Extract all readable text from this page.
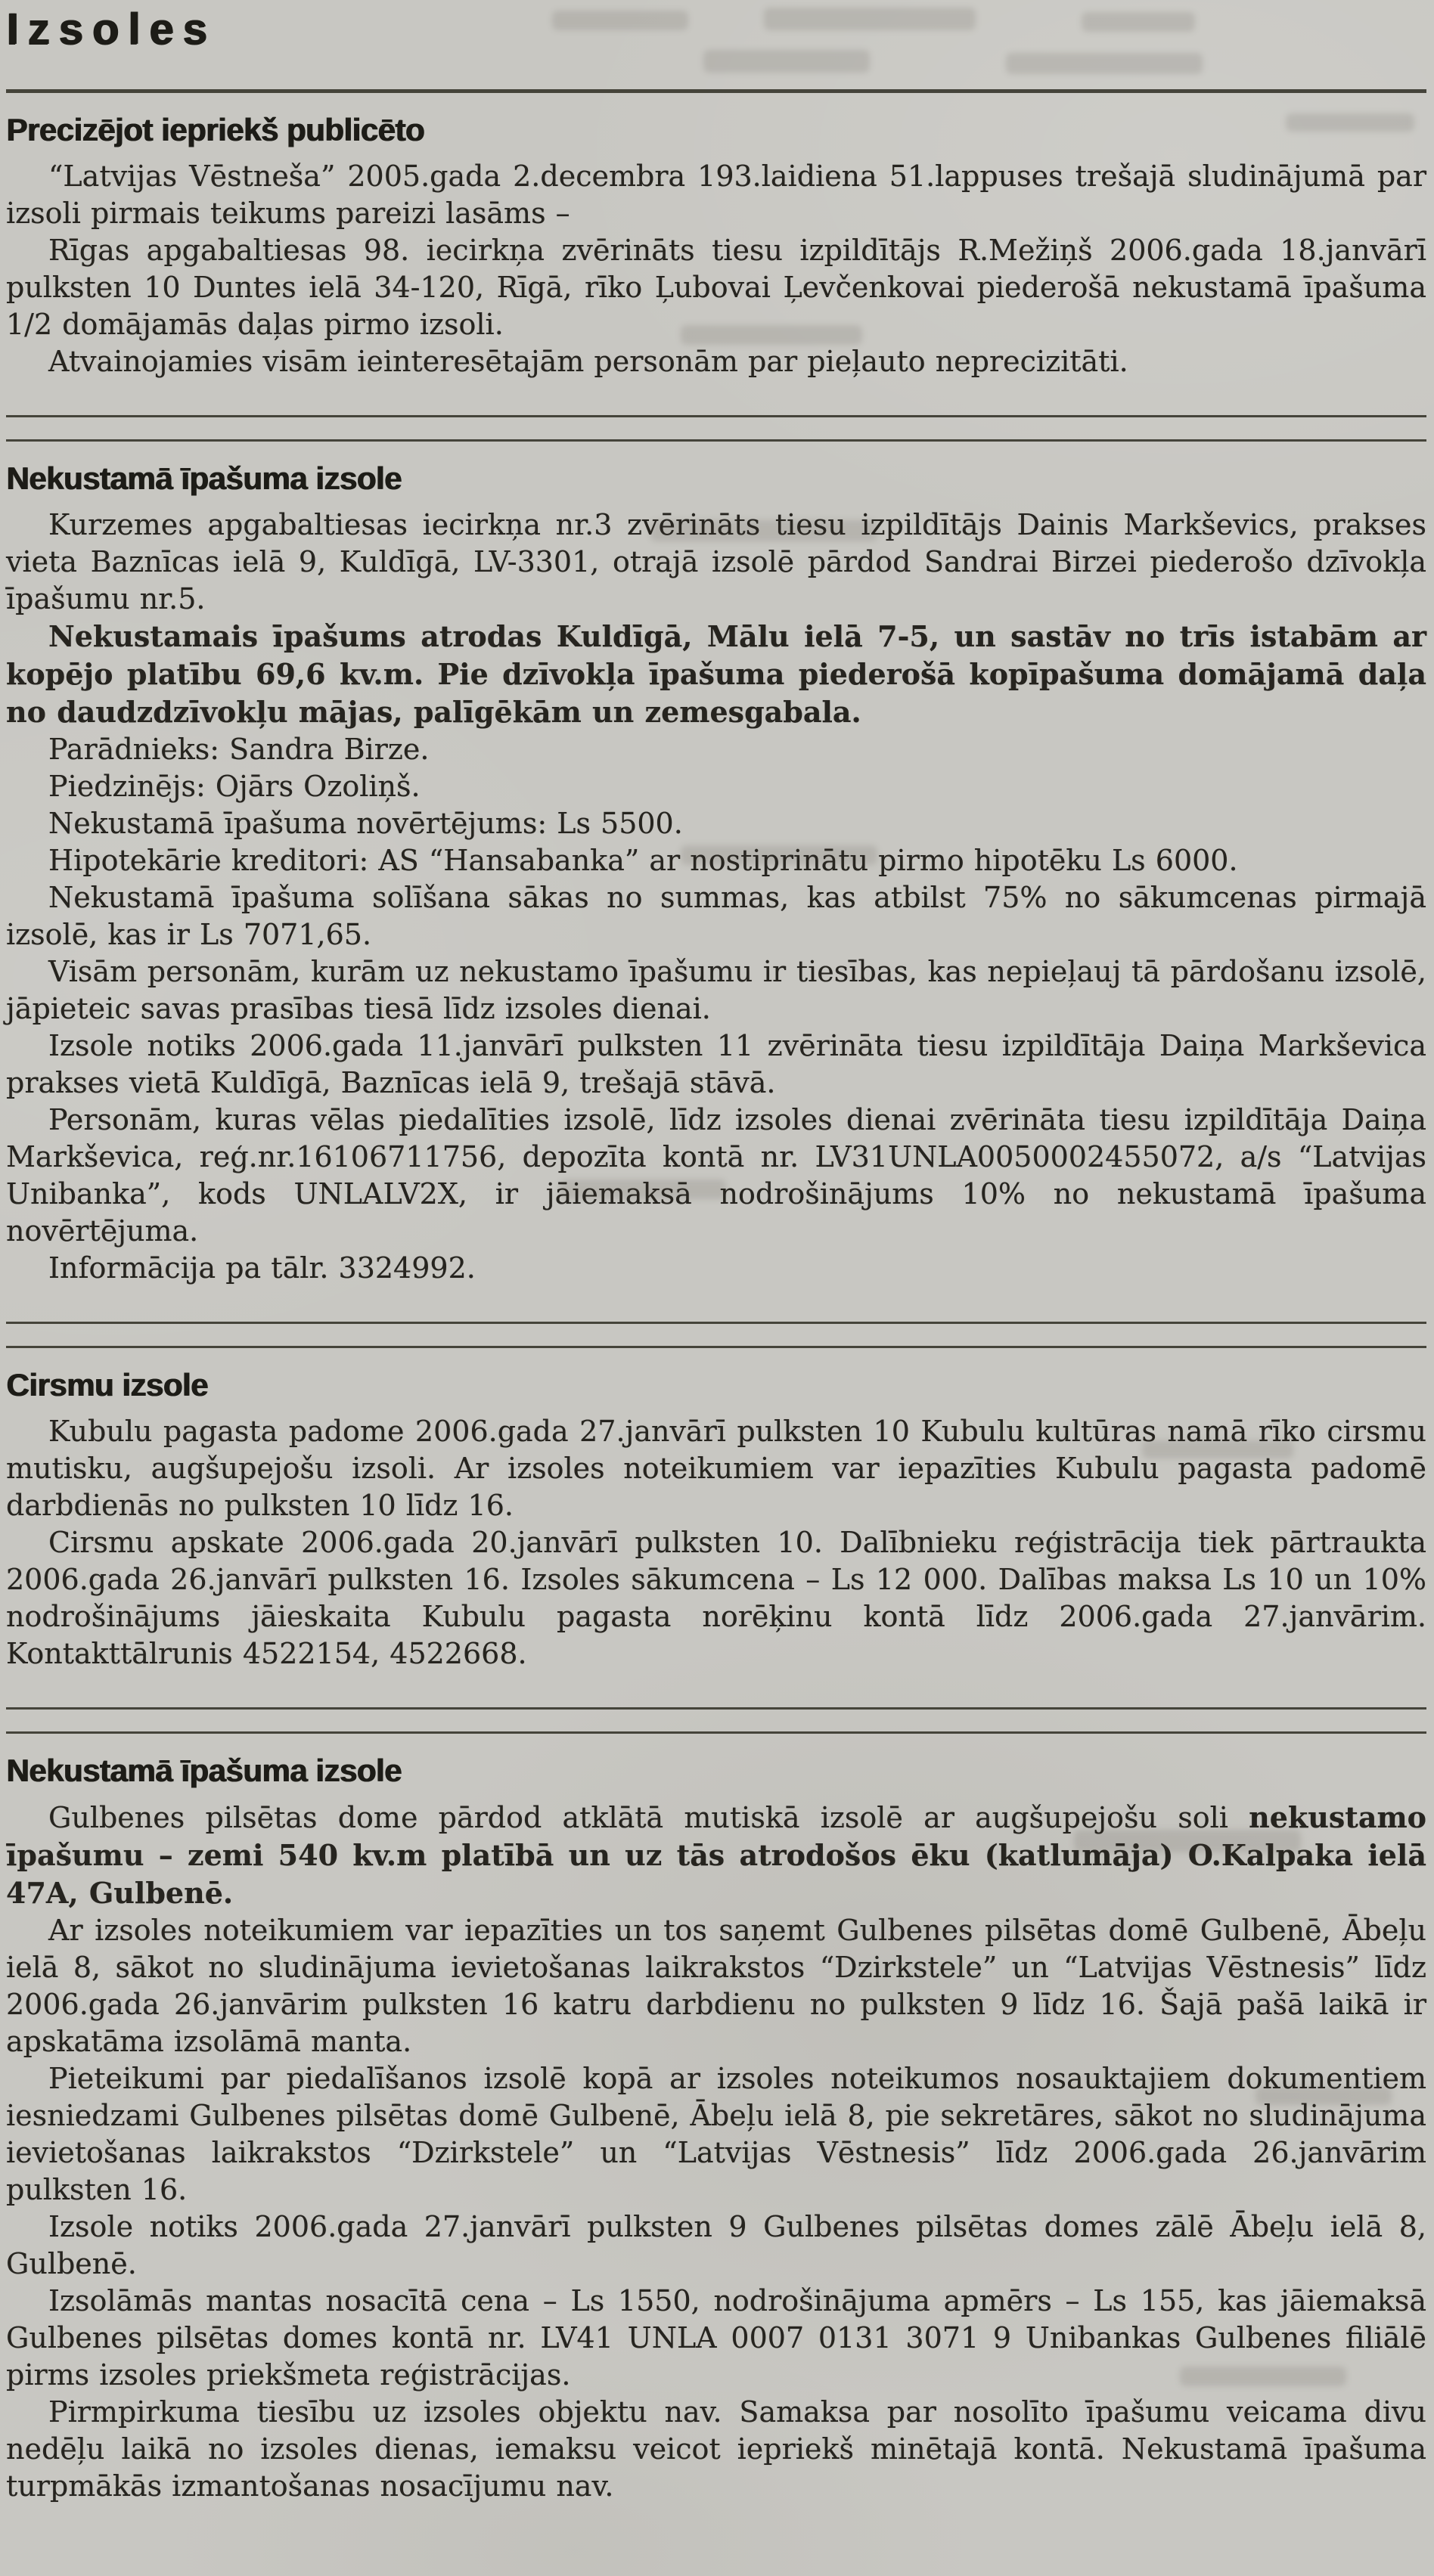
Izsoles
Precizējot iepriekš publicēto

“Latvijas Vēstneša” 2005.gada 2.decembra 193.laidiena 51.lappuses trešajā sludinājumā par izsoli pirmais teikums pareizi lasāms –

Rīgas apgabaltiesas 98. iecirkņa zvērināts tiesu izpildītājs R.Mežiņš 2006.gada 18.janvārī pulksten 10 Duntes ielā 34-120, Rīgā, rīko Ļubovai Ļevčenkovai piederošā nekustamā īpašuma 1/2 domājamās daļas pirmo izsoli.

Atvainojamies visām ieinteresētajām personām par pieļauto neprecizitāti.

Nekustamā īpašuma izsole

Kurzemes apgabaltiesas iecirkņa nr.3 zvērināts tiesu izpildītājs Dainis Markševics, prakses vieta Baznīcas ielā 9, Kuldīgā, LV-3301, otrajā izsolē pārdod Sandrai Birzei piederošo dzīvokļa īpašumu nr.5.

Nekustamais īpašums atrodas Kuldīgā, Mālu ielā 7-5, un sastāv no trīs istabām ar kopējo platību 69,6 kv.m. Pie dzīvokļa īpašuma piederošā kopīpašuma domājamā daļa no daudzdzīvokļu mājas, palīgēkām un zemesgabala.

Parādnieks: Sandra Birze.

Piedzinējs: Ojārs Ozoliņš.

Nekustamā īpašuma novērtējums: Ls 5500.

Hipotekārie kreditori: AS “Hansabanka” ar nostiprinātu pirmo hipotēku Ls 6000.

Nekustamā īpašuma solīšana sākas no summas, kas atbilst 75% no sākumcenas pirmajā izsolē, kas ir Ls 7071,65.

Visām personām, kurām uz nekustamo īpašumu ir tiesības, kas nepieļauj tā pārdošanu izsolē, jāpieteic savas prasības tiesā līdz izsoles dienai.

Izsole notiks 2006.gada 11.janvārī pulksten 11 zvērināta tiesu izpildītāja Daiņa Markševica prakses vietā Kuldīgā, Baznīcas ielā 9, trešajā stāvā.

Personām, kuras vēlas piedalīties izsolē, līdz izsoles dienai zvērināta tiesu izpildītāja Daiņa Markševica, reģ.nr.16106711756, depozīta kontā nr. LV31UNLA0050002455072, a/s “Latvijas Unibanka”, kods UNLALV2X, ir jāiemaksā nodrošinājums 10% no nekustamā īpašuma novērtējuma.

Informācija pa tālr. 3324992.

Cirsmu izsole

Kubulu pagasta padome 2006.gada 27.janvārī pulksten 10 Kubulu kultūras namā rīko cirsmu mutisku, augšupejošu izsoli. Ar izsoles noteikumiem var iepazīties Kubulu pagasta padomē darbdienās no pulksten 10 līdz 16.

Cirsmu apskate 2006.gada 20.janvārī pulksten 10. Dalībnieku reģistrācija tiek pārtraukta 2006.gada 26.janvārī pulksten 16. Izsoles sākumcena – Ls 12 000. Dalības maksa Ls 10 un 10% nodrošinājums jāieskaita Kubulu pagasta norēķinu kontā līdz 2006.gada 27.janvārim. Kontakttālrunis 4522154, 4522668.

Nekustamā īpašuma izsole

Gulbenes pilsētas dome pārdod atklātā mutiskā izsolē ar augšupejošu soli nekustamo īpašumu – zemi 540 kv.m platībā un uz tās atrodošos ēku (katlumāja) O.Kalpaka ielā 47A, Gulbenē.

Ar izsoles noteikumiem var iepazīties un tos saņemt Gulbenes pilsētas domē Gulbenē, Ābeļu ielā 8, sākot no sludinājuma ievietošanas laikrakstos “Dzirkstele” un “Latvijas Vēstnesis” līdz 2006.gada 26.janvārim pulksten 16 katru darbdienu no pulksten 9 līdz 16. Šajā pašā laikā ir apskatāma izsolāmā manta.

Pieteikumi par piedalīšanos izsolē kopā ar izsoles noteikumos nosauktajiem dokumentiem iesniedzami Gulbenes pilsētas domē Gulbenē, Ābeļu ielā 8, pie sekretāres, sākot no sludinājuma ievietošanas laikrakstos “Dzirkstele” un “Latvijas Vēstnesis” līdz 2006.gada 26.janvārim pulksten 16.

Izsole notiks 2006.gada 27.janvārī pulksten 9 Gulbenes pilsētas domes zālē Ābeļu ielā 8, Gulbenē.

Izsolāmās mantas nosacītā cena – Ls 1550, nodrošinājuma apmērs – Ls 155, kas jāiemaksā Gulbenes pilsētas domes kontā nr. LV41 UNLA 0007 0131 3071 9 Unibankas Gulbenes filiālē pirms izsoles priekšmeta reģistrācijas.

Pirmpirkuma tiesību uz izsoles objektu nav. Samaksa par nosolīto īpašumu veicama divu nedēļu laikā no izsoles dienas, iemaksu veicot iepriekš minētajā kontā. Nekustamā īpašuma turpmākās izmantošanas nosacījumu nav.
